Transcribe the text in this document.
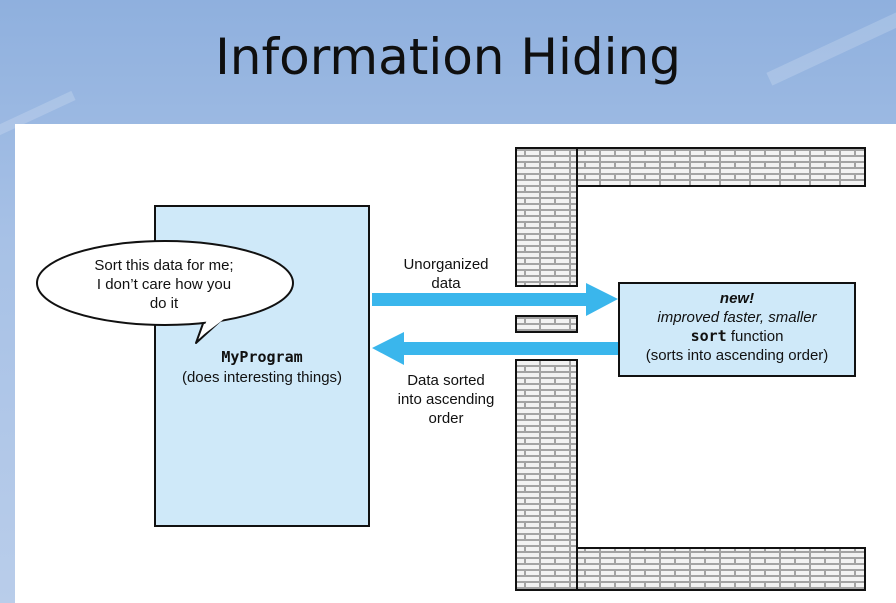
Information Hiding
Sort this data for me;
I don’t care how you
do it
MyProgram
(does interesting things)
Unorganized
data
Data sorted
into ascending
order
new!
improved faster, smaller
sort function
(sorts into ascending order)
